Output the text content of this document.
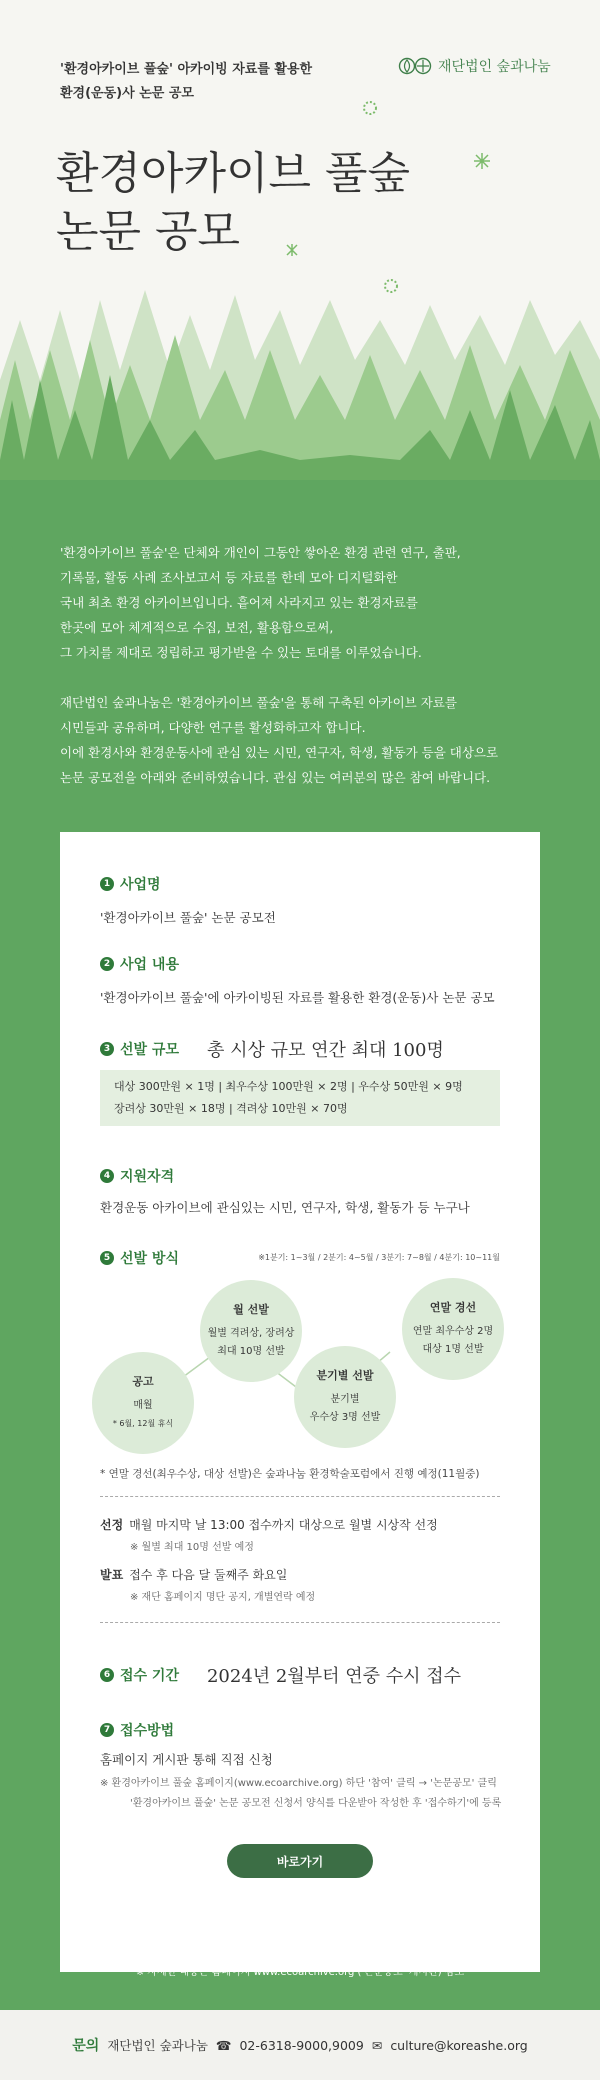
'환경아카이브 풀숲' 아카이빙 자료를 활용한
환경(운동)사 논문 공모
재단법인 숲과나눔
환경아카이브 풀숲
논문 공모

'환경아카이브 풀숲'은 단체와 개인이 그동안 쌓아온 환경 관련 연구, 출판,
기록물, 활동 사례 조사보고서 등 자료를 한데 모아 디지털화한
국내 최초 환경 아카이브입니다. 흩어져 사라지고 있는 환경자료를
한곳에 모아 체계적으로 수집, 보전, 활용함으로써,
그 가치를 제대로 정립하고 평가받을 수 있는 토대를 이루었습니다.

재단법인 숲과나눔은 '환경아카이브 풀숲'을 통해 구축된 아카이브 자료를
시민들과 공유하며, 다양한 연구를 활성화하고자 합니다.
이에 환경사와 환경운동사에 관심 있는 시민, 연구자, 학생, 활동가 등을 대상으로
논문 공모전을 아래와 준비하였습니다. 관심 있는 여러분의 많은 참여 바랍니다.

1 사업명
'환경아카이브 풀숲' 논문 공모전
2 사업 내용
'환경아카이브 풀숲'에 아카이빙된 자료를 활용한 환경(운동)사 논문 공모
3 선발 규모 총 시상 규모 연간 최대 100명
대상 300만원 × 1명 | 최우수상 100만원 × 2명 | 우수상 50만원 × 9명
장려상 30만원 × 18명 | 격려상 10만원 × 70명
4 지원자격
환경운동 아카이브에 관심있는 시민, 연구자, 학생, 활동가 등 누구나
5 선발 방식	※1분기: 1~3월 / 2분기: 4~5월 / 3분기: 7~8월 / 4분기: 10~11월
공고
매월
* 6월, 12월 휴식
월 선발
월별 격려상, 장려상
최대 10명 선발
분기별 선발
분기별
우수상 3명 선발
연말 경선
연말 최우수상 2명
대상 1명 선발
* 연말 경선(최우수상, 대상 선발)은 숲과나눔 환경학술포럼에서 진행 예정(11월중)
선정 매월 마지막 날 13:00 접수까지 대상으로 월별 시상작 선정
※ 월별 최대 10명 선발 예정
발표 접수 후 다음 달 둘째주 화요일
※ 재단 홈페이지 명단 공지, 개별연락 예정
6 접수 기간 2024년 2월부터 연중 수시 접수
7 접수방법
홈페이지 게시판 통해 직접 신청
※ 환경아카이브 풀숲 홈페이지(www.ecoarchive.org) 하단 '참여' 클릭 → '논문공모' 클릭
'환경아카이브 풀숲' 논문 공모전 신청서 양식를 다운받아 작성한 후 '접수하기'에 등록
바로가기
※ 사업 일정과 내용은 상황에 따라 일부 변동될 수 있습니다.
※ 자세한 내용은 홈페이지 www.ecoarchive.org ('논문공모' 게시판) 참조
문의 재단법인 숲과나눔 ☎ 02-6318-9000,9009 ✉ culture@koreashe.org
